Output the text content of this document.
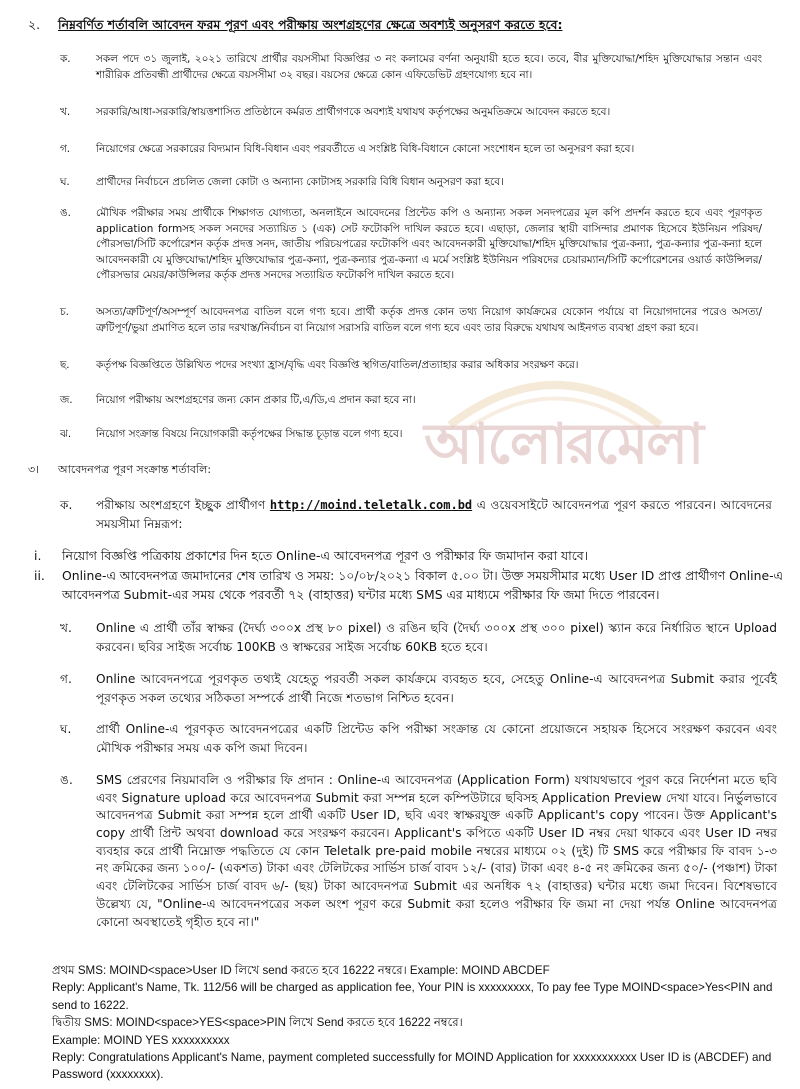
২. নিম্নবর্ণিত শর্তাবলি আবেদন ফরম পূরণ এবং পরীক্ষায় অংশগ্রহণের ক্ষেত্রে অবশ্যই অনুসরণ করতে হবে:
ক. সকল পদে ৩১ জুলাই, ২০২১ তারিখে প্রার্থীর বয়সসীমা বিজ্ঞপ্তির ৩ নং কলামের বর্ণনা অনুযায়ী হতে হবে। তবে, বীর মুক্তিযোদ্ধা/শহিদ মুক্তিযোদ্ধার সন্তান এবং শারীরিক প্রতিবন্ধী প্রার্থীদের ক্ষেত্রে বয়সসীমা ৩২ বছর। বয়সের ক্ষেত্রে কোন এফিডেভিট গ্রহণযোগ্য হবে না।

খ. সরকারি/আধা-সরকারি/স্বায়ত্তশাসিত প্রতিষ্ঠানে কর্মরত প্রার্থীগণকে অবশ্যই যথাযথ কর্তৃপক্ষের অনুমতিক্রমে আবেদন করতে হবে।

গ. নিয়োগের ক্ষেত্রে সরকারের বিদ্যমান বিধি-বিধান এবং পরবর্তীতে এ সংশ্লিষ্ট বিধি-বিধানে কোনো সংশোধন হলে তা অনুসরণ করা হবে।

ঘ.	প্রার্থীদের নির্বাচনে প্রচলিত জেলা কোটা ও অন্যান্য কোটাসহ সরকারি বিধি বিধান অনুসরণ করা হবে।

ঙ. মৌখিক পরীক্ষার সময় প্রার্থীকে শিক্ষাগত যোগ্যতা, অনলাইনে আবেদনের প্রিন্টেড কপি ও অন্যান্য সকল সনদপত্রের মূল কপি প্রদর্শন করতে হবে এবং পূরণকৃত application formসহ সকল সনদের সত্যায়িত ১ (এক) সেট ফটোকপি দাখিল করতে হবে। এছাড়া, জেলার স্থায়ী বাসিন্দার প্রমাণক হিসেবে ইউনিয়ন পরিষদ/পৌরসভা/সিটি কর্পোরেশন কর্তৃক প্রদত্ত সনদ, জাতীয় পরিচয়পত্রের ফটোকপি এবং আবেদনকারী মুক্তিযোদ্ধা/শহিদ মুক্তিযোদ্ধার পুত্র-কন্যা, পুত্র-কন্যার পুত্র-কন্যা হলে আবেদনকারী যে মুক্তিযোদ্ধা/শহিদ মুক্তিযোদ্ধার পুত্র-কন্যা, পুত্র-কন্যার পুত্র-কন্যা এ মর্মে সংশ্লিষ্ট ইউনিয়ন পরিষদের চেয়ারম্যান/সিটি কর্পোরেশনের ওয়ার্ড কাউন্সিলর/পৌরসভার মেয়র/কাউন্সিলর কর্তৃক প্রদত্ত সনদের সত্যায়িত ফটোকপি দাখিল করতে হবে।

চ.	অসত্য/ত্রুটিপূর্ণ/অসম্পূর্ণ আবেদনপত্র বাতিল বলে গণ্য হবে। প্রার্থী কর্তৃক প্রদত্ত কোন তথ্য নিয়োগ কার্যক্রমের যেকোন পর্যায়ে বা নিয়োগদানের পরেও অসত্য/ত্রুটিপূর্ণ/ভুয়া প্রমাণিত হলে তার দরখাস্ত/নির্বাচন বা নিয়োগ সরাসরি বাতিল বলে গণ্য হবে এবং তার বিরুদ্ধে যথাযথ আইনগত ব্যবস্থা গ্রহণ করা হবে।

ছ.	কর্তৃপক্ষ বিজ্ঞপ্তিতে উল্লিখিত পদের সংখ্যা হ্রাস/বৃদ্ধি এবং বিজ্ঞপ্তি স্থগিত/বাতিল/প্রত্যাহার করার অধিকার সংরক্ষণ করে।

জ. নিয়োগ পরীক্ষায় অংশগ্রহণের জন্য কোন প্রকার টি,এ/ডি,এ প্রদান করা হবে না।

ঝ. নিয়োগ সংক্রান্ত বিষয়ে নিয়োগকারী কর্তৃপক্ষের সিদ্ধান্ত চূড়ান্ত বলে গণ্য হবে। আলোরমেলা
৩। আবেদনপত্র পূরণ সংক্রান্ত শর্তাবলি:
ক. পরীক্ষায় অংশগ্রহণে ইচ্ছুক প্রার্থীগণ http://moind.teletalk.com.bd এ ওয়েবসাইটে আবেদনপত্র পূরণ করতে পারবেন। আবেদনের সময়সীমা নিম্নরূপ:

i. নিয়োগ বিজ্ঞপ্তি পত্রিকায় প্রকাশের দিন হতে Online-এ আবেদনপত্র পূরণ ও পরীক্ষার ফি জমাদান করা যাবে।

ii. Online-এ আবেদনপত্র জমাদানের শেষ তারিখ ও সময়: ১০/০৮/২০২১ বিকাল ৫.০০ টা। উক্ত সময়সীমার মধ্যে User ID প্রাপ্ত প্রার্থীগণ Online-এ আবেদনপত্র Submit-এর সময় থেকে পরবর্তী ৭২ (বাহাত্তর) ঘন্টার মধ্যে SMS এর মাধ্যমে পরীক্ষার ফি জমা দিতে পারবেন।

খ. Online এ প্রার্থী তাঁর স্বাক্ষর (দৈর্ঘ্য ৩০০x প্রস্থ ৮০ pixel) ও রঙিন ছবি (দৈর্ঘ্য ৩০০x প্রস্থ ৩০০ pixel) স্ক্যান করে নির্ধারিত স্থানে Upload করবেন। ছবির সাইজ সর্বোচ্চ 100KB ও স্বাক্ষরের সাইজ সর্বোচ্চ 60KB হতে হবে।

গ. Online আবেদনপত্রে পূরণকৃত তথ্যই যেহেতু পরবর্তী সকল কার্যক্রমে ব্যবহৃত হবে, সেহেতু Online-এ আবেদনপত্র Submit করার পূর্বেই পূরণকৃত সকল তথ্যের সঠিকতা সম্পর্কে প্রার্থী নিজে শতভাগ নিশ্চিত হবেন।

ঘ. প্রার্থী Online-এ পূরণকৃত আবেদনপত্রের একটি প্রিন্টেড কপি পরীক্ষা সংক্রান্ত যে কোনো প্রয়োজনে সহায়ক হিসেবে সংরক্ষণ করবেন এবং মৌখিক পরীক্ষার সময় এক কপি জমা দিবেন।

ঙ. SMS প্রেরণের নিয়মাবলি ও পরীক্ষার ফি প্রদান : Online-এ আবেদনপত্র (Application Form) যথাযথভাবে পূরণ করে নির্দেশনা মতে ছবি এবং Signature upload করে আবেদনপত্র Submit করা সম্পন্ন হলে কম্পিউটারে ছবিসহ Application Preview দেখা যাবে। নির্ভুলভাবে আবেদনপত্র Submit করা সম্পন্ন হলে প্রার্থী একটি User ID, ছবি এবং স্বাক্ষরযুক্ত একটি Applicant's copy পাবেন। উক্ত Applicant's copy প্রার্থী প্রিন্ট অথবা download করে সংরক্ষণ করবেন। Applicant's কপিতে একটি User ID নম্বর দেয়া থাকবে এবং User ID নম্বর ব্যবহার করে প্রার্থী নিম্নোক্ত পদ্ধতিতে যে কোন Teletalk pre-paid mobile নম্বরের মাধ্যমে ০২ (দুই) টি SMS করে পরীক্ষার ফি বাবদ ১-৩ নং ক্রমিকের জন্য ১০০/- (একশত) টাকা এবং টেলিটকের সার্ভিস চার্জ বাবদ ১২/- (বার) টাকা এবং ৪-৫ নং ক্রমিকের জন্য ৫০/- (পঞ্চাশ) টাকা এবং টেলিটকের সার্ভিস চার্জ বাবদ ৬/- (ছয়) টাকা আবেদনপত্র Submit এর অনধিক ৭২ (বাহাত্তর) ঘন্টার মধ্যে জমা দিবেন। বিশেষভাবে উল্লেখ্য যে, "Online-এ আবেদনপত্রের সকল অংশ পূরণ করে Submit করা হলেও পরীক্ষার ফি জমা না দেয়া পর্যন্ত Online আবেদনপত্র কোনো অবস্থাতেই গৃহীত হবে না।"

প্রথম SMS: MOIND<space>User ID লিখে send করতে হবে 16222 নম্বরে। Example: MOIND ABCDEF

Reply: Applicant's Name, Tk. 112/56 will be charged as application fee, Your PIN is xxxxxxxxx, To pay fee Type MOIND<space>Yes<PIN and send to 16222.

দ্বিতীয় SMS: MOIND<space>YES<space>PIN লিখে Send করতে হবে 16222 নম্বরে।

Example: MOIND YES xxxxxxxxxx

Reply: Congratulations Applicant's Name, payment completed successfully for MOIND Application for xxxxxxxxxxx User ID is (ABCDEF) and Password (xxxxxxxx).
